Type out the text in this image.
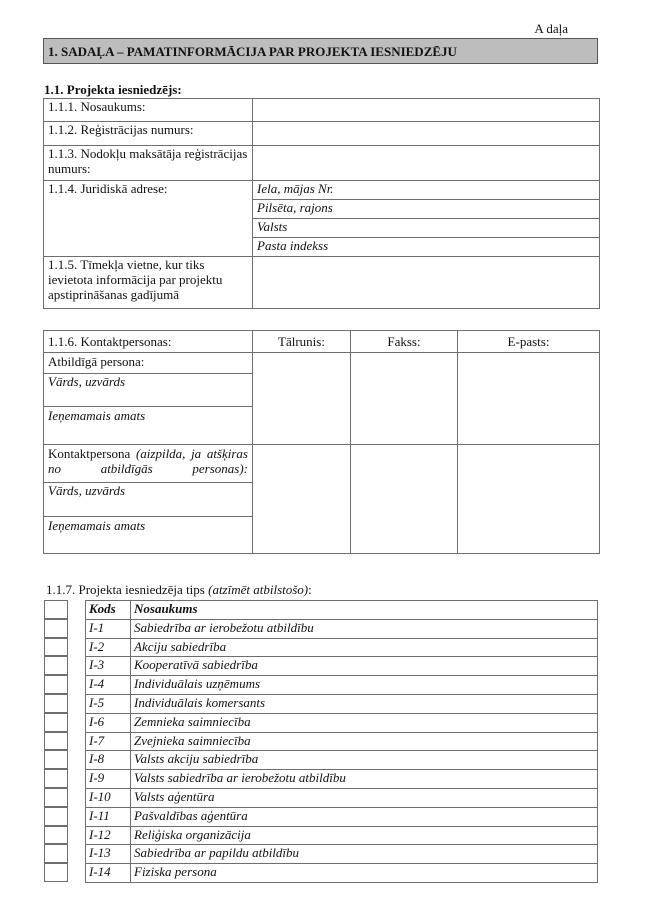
A daļa
1. SADAĻA – PAMATINFORMĀCIJA PAR PROJEKTA IESNIEDZĒJU
1.1. Projekta iesniedzējs:
1.1.1. Nosaukums:	
1.1.2. Reģistrācijas numurs:	
1.1.3. Nodokļu maksātāja reģistrācijas numurs:	
1.1.4. Juridiskā adrese:	Iela, mājas Nr.
	Pilsēta, rajons
	Valsts
	Pasta indekss
1.1.5. Tīmekļa vietne, kur tiks ievietota informācija par projektu apstiprināšanas gadījumā	
1.1.6. Kontaktpersonas:	Tālrunis:	Fakss:	E-pasts:

Atbildīgā persona:
Vārds, uzvārds
Ieņemamais amats			

Kontaktpersona (aizpilda, ja atšķiras no atbildīgās personas):
Vārds, uzvārds
Ieņemamais amats			

1.1.7. Projekta iesniedzēja tips (atzīmēt atbilstošo):
Kods	Nosaukums
I-1	Sabiedrība ar ierobežotu atbildību
I-2	Akciju sabiedrība
I-3	Kooperatīvā sabiedrība
I-4	Individuālais uzņēmums
I-5	Individuālais komersants
I-6	Zemnieka saimniecība
I-7	Zvejnieka saimniecība
I-8	Valsts akciju sabiedrība
I-9	Valsts sabiedrība ar ierobežotu atbildību
I-10	Valsts aģentūra
I-11	Pašvaldības aģentūra
I-12	Reliģiska organizācija
I-13	Sabiedrība ar papildu atbildību
I-14	Fiziska persona
